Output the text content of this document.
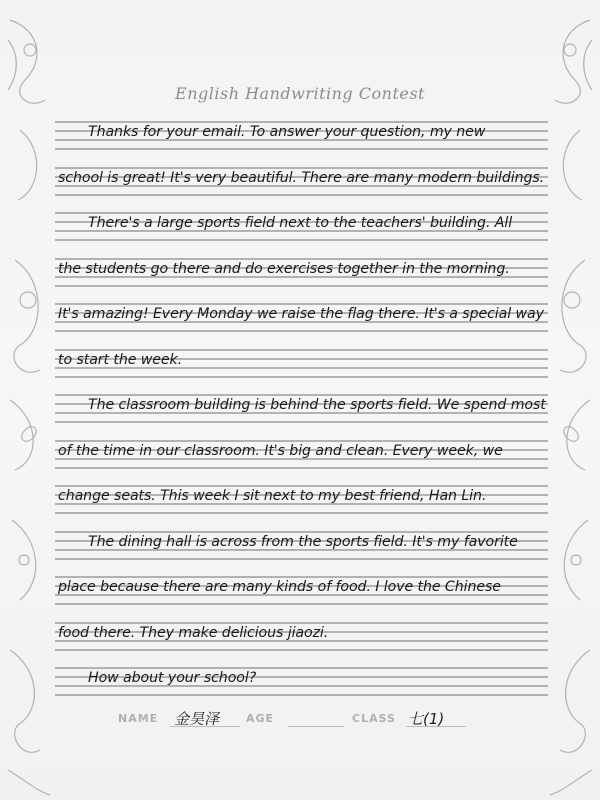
English Handwriting Contest
Thanks for your email. To answer your question, my new
school is great! It's very beautiful. There are many modern buildings.
There's a large sports field next to the teachers' building. All
the students go there and do exercises together in the morning.
It's amazing! Every Monday we raise the flag there. It's a special way
to start the week.
The classroom building is behind the sports field. We spend most
of the time in our classroom. It's big and clean. Every week, we
change seats. This week I sit next to my best friend, Han Lin.
The dining hall is across from the sports field. It's my favorite
place because there are many kinds of food. I love the Chinese
food there. They make delicious jiaozi.
How about your school?
NAME 金昊泽 AGE	CLASS 七(1)
